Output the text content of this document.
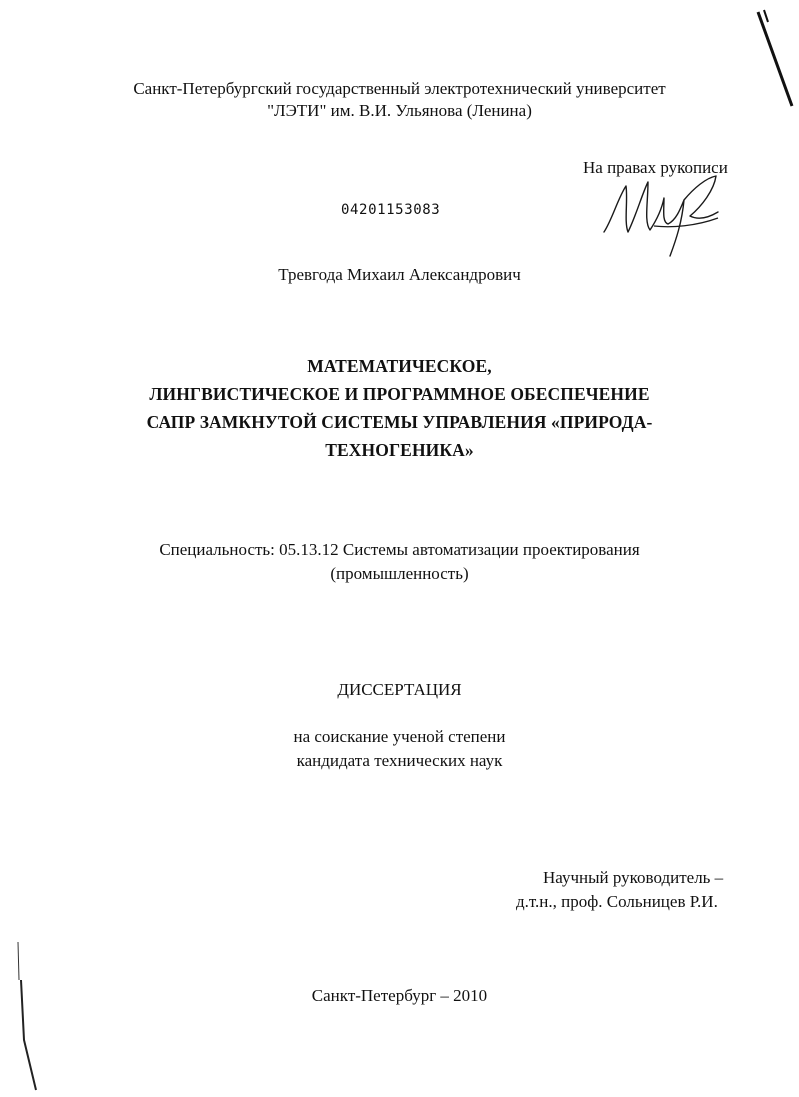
Санкт-Петербургский государственный электротехнический университет
"ЛЭТИ" им. В.И. Ульянова (Ленина)
На правах рукописи
04201153083
Тревгода Михаил Александрович
МАТЕМАТИЧЕСКОЕ,
ЛИНГВИСТИЧЕСКОЕ И ПРОГРАММНОЕ ОБЕСПЕЧЕНИЕ
САПР ЗАМКНУТОЙ СИСТЕМЫ УПРАВЛЕНИЯ «ПРИРОДА-
ТЕХНОГЕНИКА»
Специальность: 05.13.12 Системы автоматизации проектирования
(промышленность)
ДИССЕРТАЦИЯ
на соискание ученой степени
кандидата технических наук
Научный руководитель –
д.т.н., проф. Сольницев Р.И.
Санкт-Петербург – 2010
